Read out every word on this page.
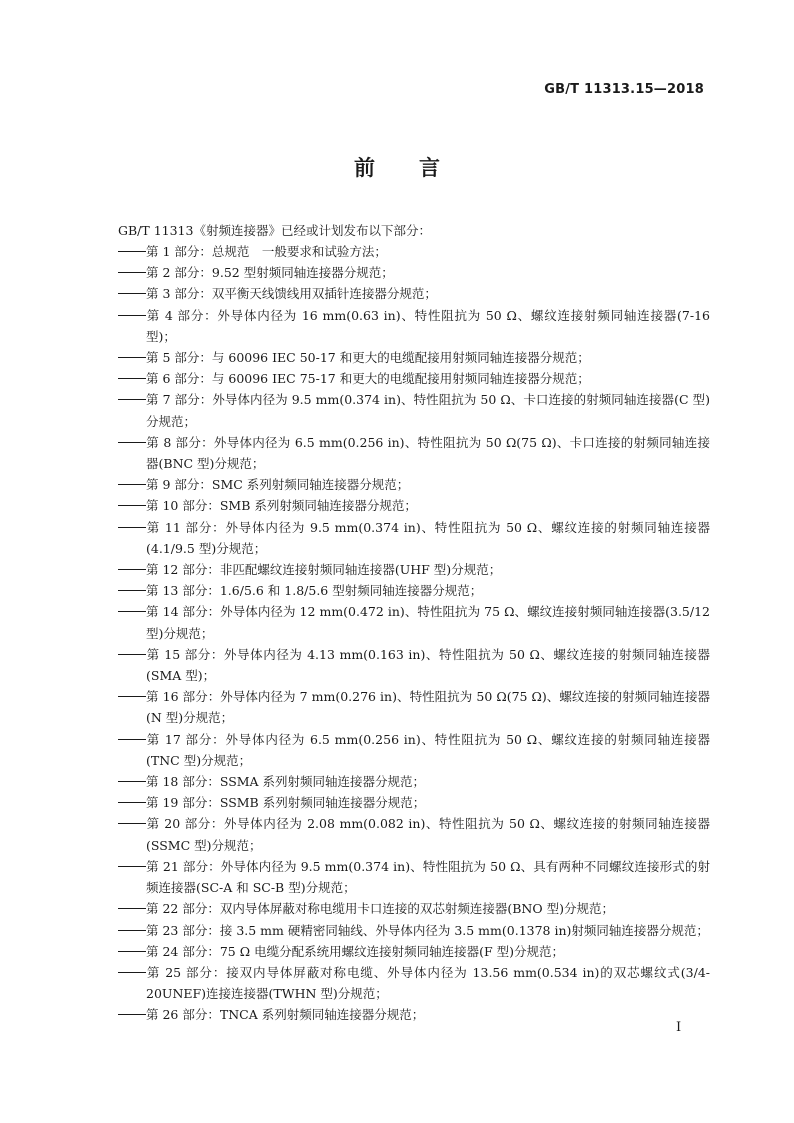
GB/T 11313.15—2018
前言
GB/T 11313《射频连接器》已经或计划发布以下部分：
第 1 部分：总规范　一般要求和试验方法；
第 2 部分：9.52 型射频同轴连接器分规范；
第 3 部分：双平衡天线馈线用双插针连接器分规范；
第 4 部分：外导体内径为 16 mm(0.63 in)、特性阻抗为 50 Ω、螺纹连接射频同轴连接器(7-16 型)；
第 5 部分：与 60096 IEC 50-17 和更大的电缆配接用射频同轴连接器分规范；
第 6 部分：与 60096 IEC 75-17 和更大的电缆配接用射频同轴连接器分规范；
第 7 部分：外导体内径为 9.5 mm(0.374 in)、特性阻抗为 50 Ω、卡口连接的射频同轴连接器(C 型)分规范；
第 8 部分：外导体内径为 6.5 mm(0.256 in)、特性阻抗为 50 Ω(75 Ω)、卡口连接的射频同轴连接器(BNC 型)分规范；
第 9 部分：SMC 系列射频同轴连接器分规范；
第 10 部分：SMB 系列射频同轴连接器分规范；
第 11 部分：外导体内径为 9.5 mm(0.374 in)、特性阻抗为 50 Ω、螺纹连接的射频同轴连接器(4.1/9.5 型)分规范；
第 12 部分：非匹配螺纹连接射频同轴连接器(UHF 型)分规范；
第 13 部分：1.6/5.6 和 1.8/5.6 型射频同轴连接器分规范；
第 14 部分：外导体内径为 12 mm(0.472 in)、特性阻抗为 75 Ω、螺纹连接射频同轴连接器(3.5/12 型)分规范；
第 15 部分：外导体内径为 4.13 mm(0.163 in)、特性阻抗为 50 Ω、螺纹连接的射频同轴连接器(SMA 型)；
第 16 部分：外导体内径为 7 mm(0.276 in)、特性阻抗为 50 Ω(75 Ω)、螺纹连接的射频同轴连接器(N 型)分规范；
第 17 部分：外导体内径为 6.5 mm(0.256 in)、特性阻抗为 50 Ω、螺纹连接的射频同轴连接器(TNC 型)分规范；
第 18 部分：SSMA 系列射频同轴连接器分规范；
第 19 部分：SSMB 系列射频同轴连接器分规范；
第 20 部分：外导体内径为 2.08 mm(0.082 in)、特性阻抗为 50 Ω、螺纹连接的射频同轴连接器(SSMC 型)分规范；
第 21 部分：外导体内径为 9.5 mm(0.374 in)、特性阻抗为 50 Ω、具有两种不同螺纹连接形式的射频连接器(SC-A 和 SC-B 型)分规范；
第 22 部分：双内导体屏蔽对称电缆用卡口连接的双芯射频连接器(BNO 型)分规范；
第 23 部分：接 3.5 mm 硬精密同轴线、外导体内径为 3.5 mm(0.1378 in)射频同轴连接器分规范；
第 24 部分：75 Ω 电缆分配系统用螺纹连接射频同轴连接器(F 型)分规范；
第 25 部分：接双内导体屏蔽对称电缆、外导体内径为 13.56 mm(0.534 in)的双芯螺纹式(3/4-20UNEF)连接连接器(TWHN 型)分规范；
第 26 部分：TNCA 系列射频同轴连接器分规范；
I
